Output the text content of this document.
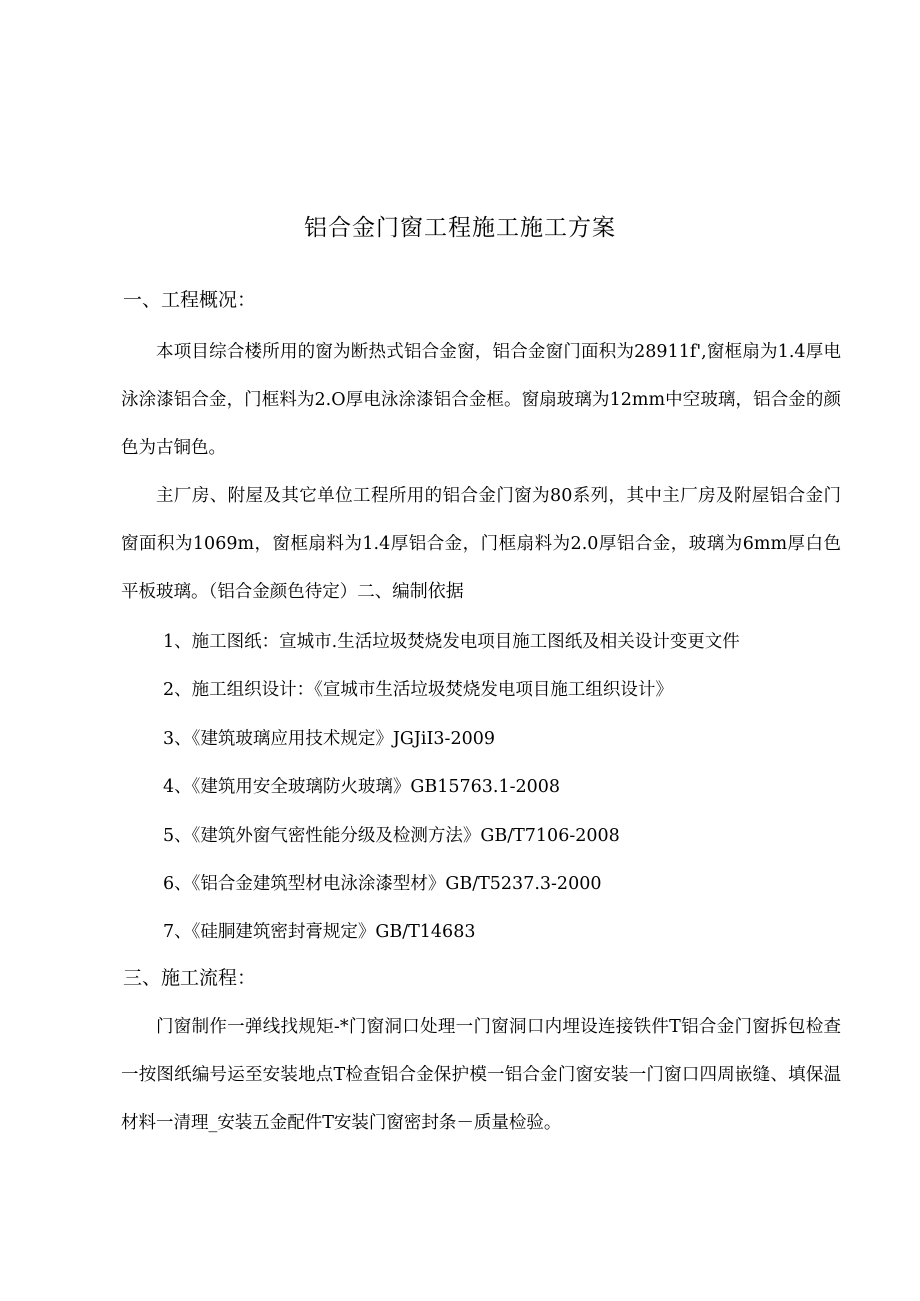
铝合金门窗工程施工施工方案
一、工程概况：

本项目综合楼所用的窗为断热式铝合金窗，铝合金窗门面积为28911f',窗框扇为1.4厚电泳涂漆铝合金，门框料为2.O厚电泳涂漆铝合金框。窗扇玻璃为12mm中空玻璃，铝合金的颜色为古铜色。

主厂房、附屋及其它单位工程所用的铝合金门窗为80系列，其中主厂房及附屋铝合金门窗面积为1069m，窗框扇料为1.4厚铝合金，门框扇料为2.0厚铝合金，玻璃为6mm厚白色平板玻璃。（铝合金颜色待定）二、编制依据

1、施工图纸：宣城市.生活垃圾焚烧发电项目施工图纸及相关设计变更文件
2、施工组织设计：《宣城市生活垃圾焚烧发电项目施工组织设计》
3、《建筑玻璃应用技术规定》JGJiI3-2009
4、《建筑用安全玻璃防火玻璃》GB15763.1-2008
5、《建筑外窗气密性能分级及检测方法》GB/T7106-2008
6、《铝合金建筑型材电泳涂漆型材》GB/T5237.3-2000
7、《硅胴建筑密封膏规定》GB/T14683
三、施工流程：

门窗制作一弹线找规矩-*门窗洞口处理一门窗洞口内埋设连接铁件T铝合金门窗拆包检查一按图纸编号运至安装地点T检查铝合金保护模一铝合金门窗安装一门窗口四周嵌缝、填保温材料一清理_安装五金配件T安装门窗密封条－质量检验。
